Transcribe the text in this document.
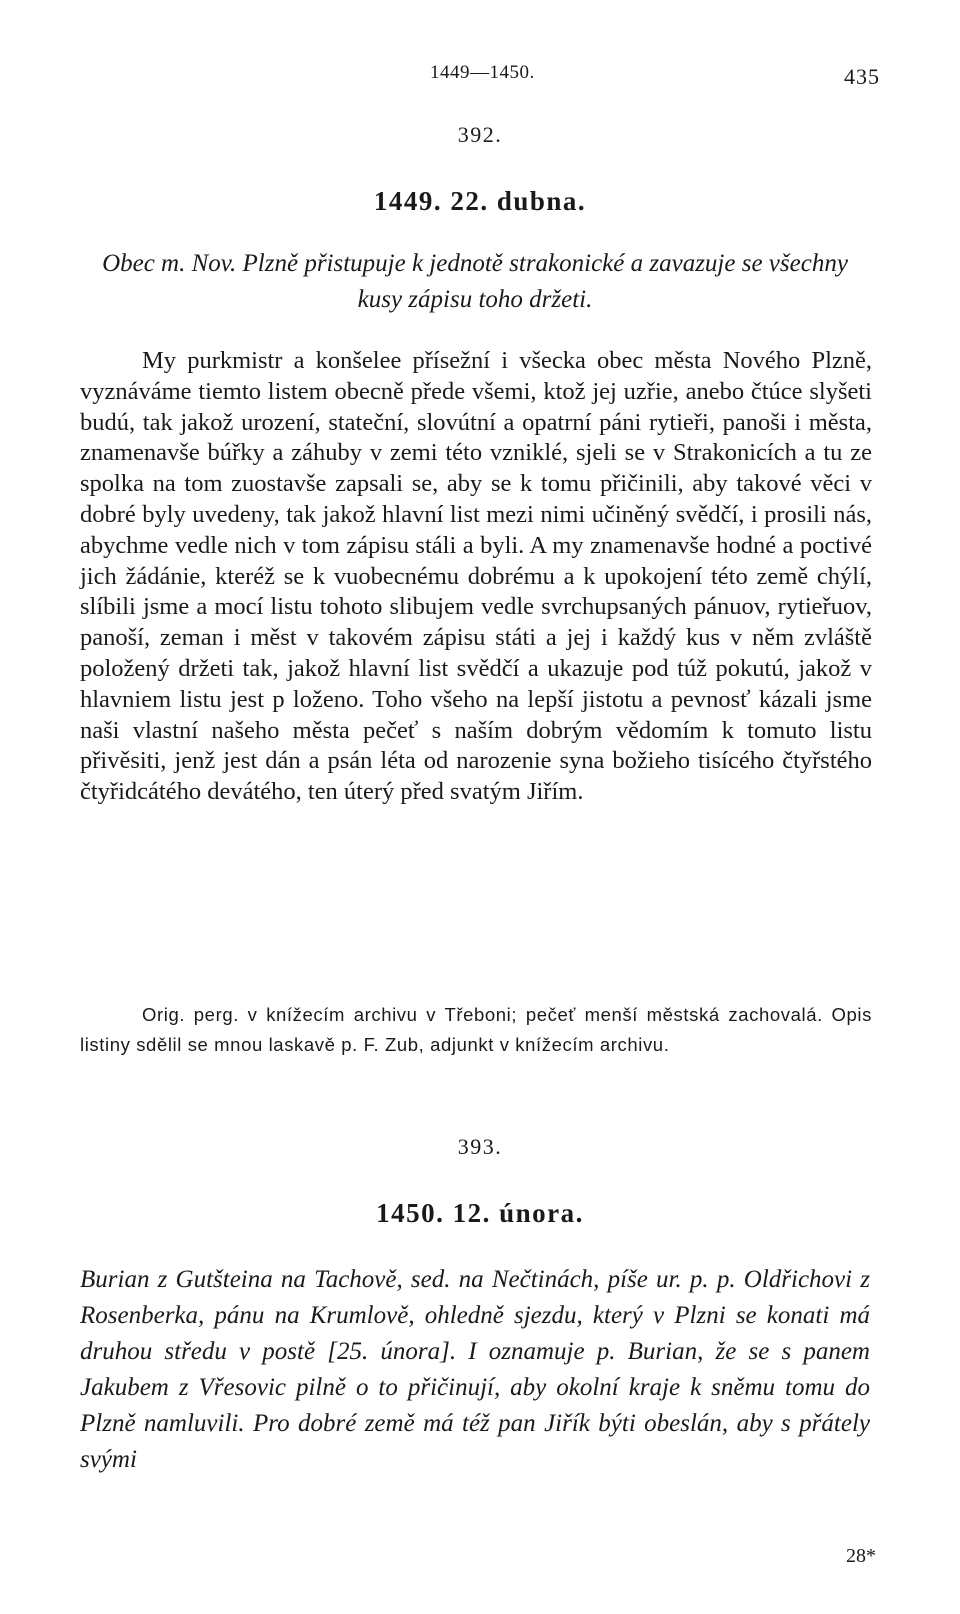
1449—1450.	435
392.
1449. 22. dubna.
Obec m. Nov. Plzně přistupuje k jednotě strakonické a zavazuje se všechny kusy zápisu toho držeti.
My purkmistr a konšelee přísežní i všecka obec města Nového Plzně, vyznáváme tiemto listem obecně přede všemi, ktož jej uzřie, anebo čtúce slyšeti budú, tak jakož urození, stateční, slovútní a opatrní páni rytieři, panoši i města, znamenavše búřky a záhuby v zemi této vzniklé, sjeli se v Strakonicích a tu ze spolka na tom zuostavše zapsali se, aby se k tomu přičinili, aby takové věci v dobré byly uvedeny, tak jakož hlavní list mezi nimi učiněný svědčí, i prosili nás, abychme vedle nich v tom zápisu stáli a byli. A my znamenavše hodné a poctivé jich žádánie, kteréž se k vuobecnému dobrému a k upokojení této země chýlí, slíbili jsme a mocí listu tohoto slibujem vedle svrchupsaných pánuov, rytieřuov, panoší, zeman i měst v takovém zápisu státi a jej i každý kus v něm zvláště položený držeti tak, jakož hlavní list svědčí a ukazuje pod túž pokutú, jakož v hlavniem listu jest p loženo. Toho všeho na lepší jistotu a pevnosť kázali jsme naši vlastní našeho města pečeť s naším dobrým vědomím k tomuto listu přivěsiti, jenž jest dán a psán léta od narozenie syna božieho tisícého čtyřstého čtyřidcátého devátého, ten úterý před svatým Jiřím.
Orig. perg. v knížecím archivu v Třeboni; pečeť menší městská zachovalá. Opis listiny sdělil se mnou laskavě p. F. Zub, adjunkt v knížecím archivu.
393.
1450. 12. února.
Burian z Gutšteina na Tachově, sed. na Nečtinách, píše ur. p. p. Oldřichovi z Rosenberka, pánu na Krumlově, ohledně sjezdu, který v Plzni se konati má druhou středu v postě [25. února]. I oznamuje p. Burian, že se s panem Jakubem z Vřesovic pilně o to přičinují, aby okolní kraje k sněmu tomu do Plzně namluvili. Pro dobré země má též pan Jiřík býti obeslán, aby s přátely svými
28*
